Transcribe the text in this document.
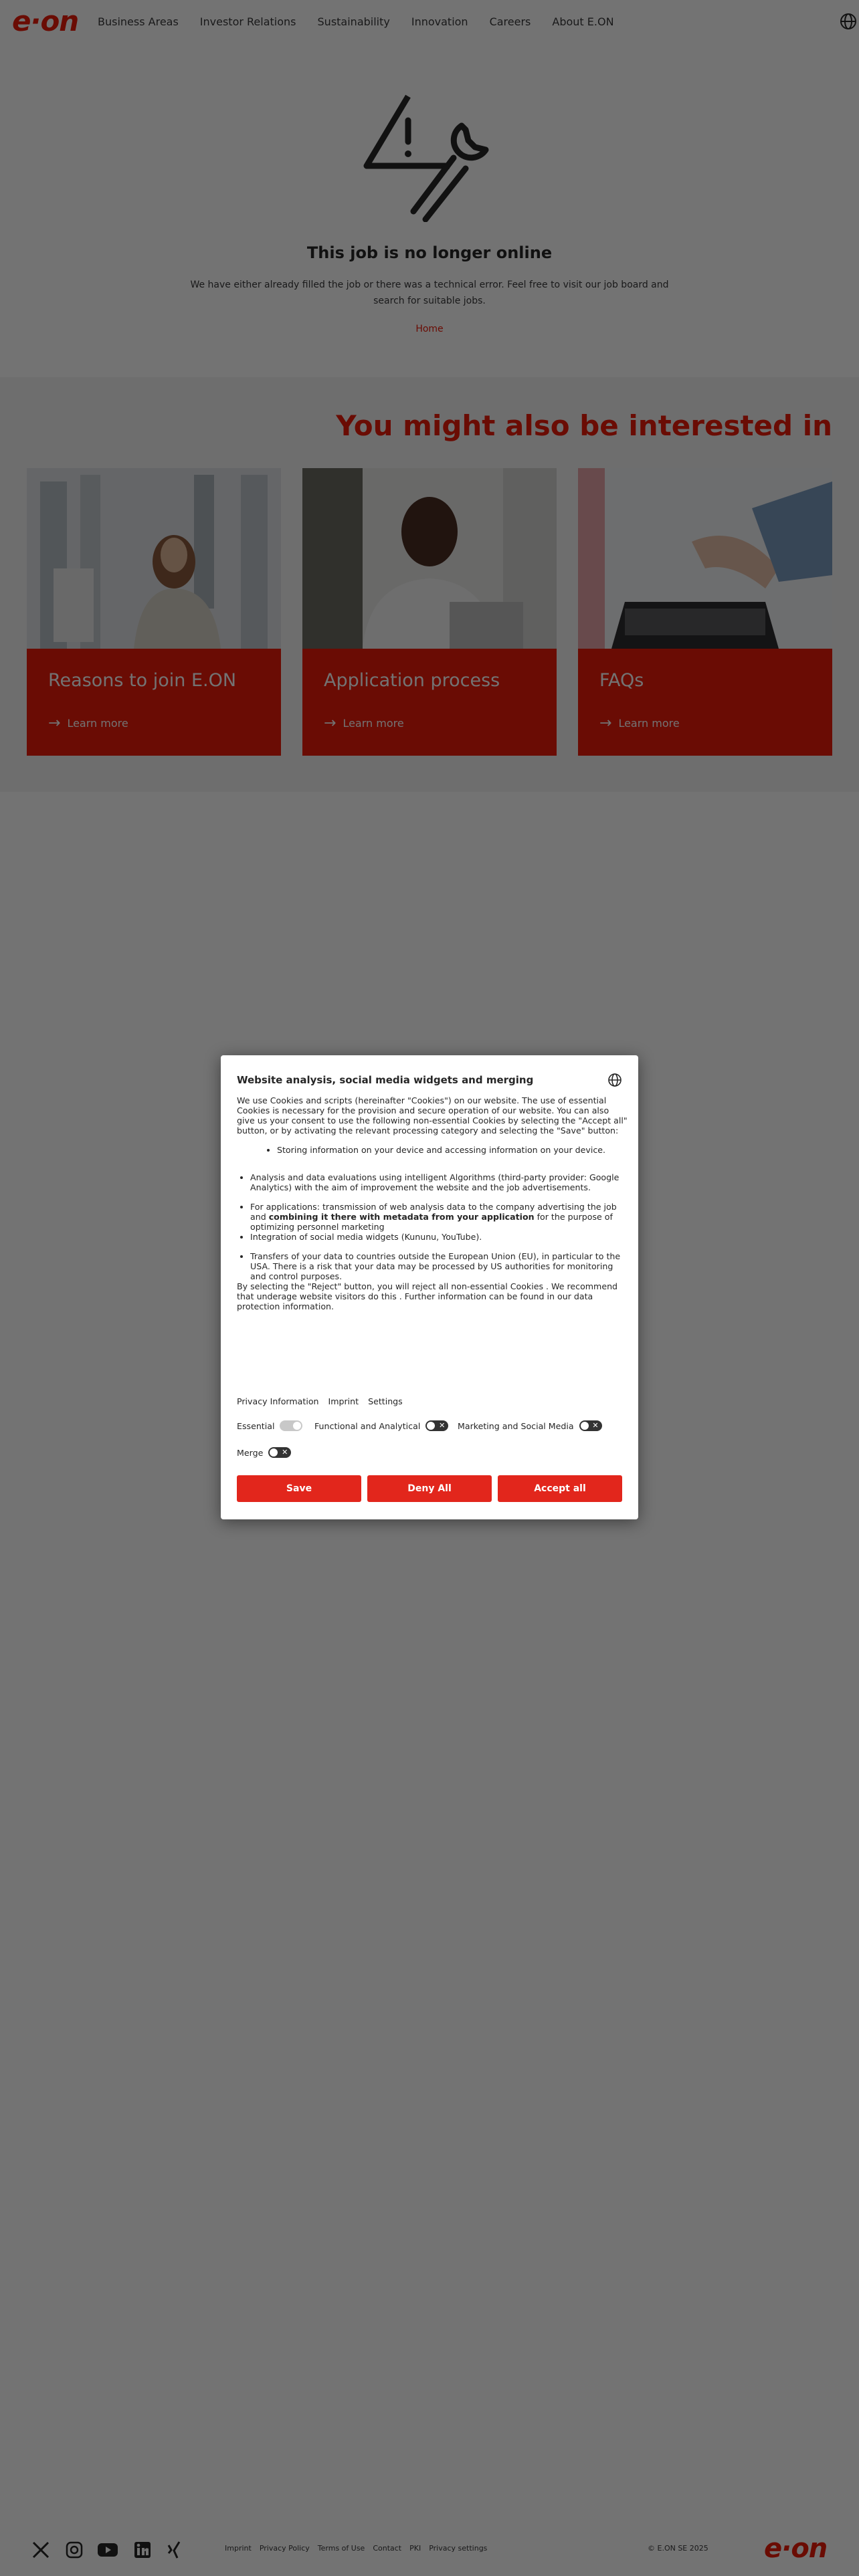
Website analysis, social media widgets and merging

We use Cookies and scripts (hereinafter "Cookies") on our website. The use of essential Cookies is necessary for the provision and secure operation of our website. You can also give us your consent to use the following non-essential Cookies by selecting the "Accept all" button, or by activating the relevant processing category and selecting the "Save" button:

• Storing information on your device and accessing information on your device.
• Analysis and data evaluations using intelligent Algorithms (third-party provider: Google Analytics) with the aim of improvement the website and the job advertisements.
• For applications: transmission of web analysis data to the company advertising the job and combining it there with metadata from your application for the purpose of optimizing personnel marketing
• Integration of social media widgets (Kununu, YouTube).
• Transfers of your data to countries outside the European Union (EU), in particular to the USA. There is a risk that your data may be processed by US authorities for monitoring and control purposes.

By selecting the "Reject" button, you will reject all non-essential Cookies . We recommend that underage website visitors do this . Further information can be found in our data protection information.

Privacy Information Imprint Settings
Essential	Functional and Analytical	✕ Marketing and Social Media	✕
Merge	✕
Save	Deny All	Accept all
